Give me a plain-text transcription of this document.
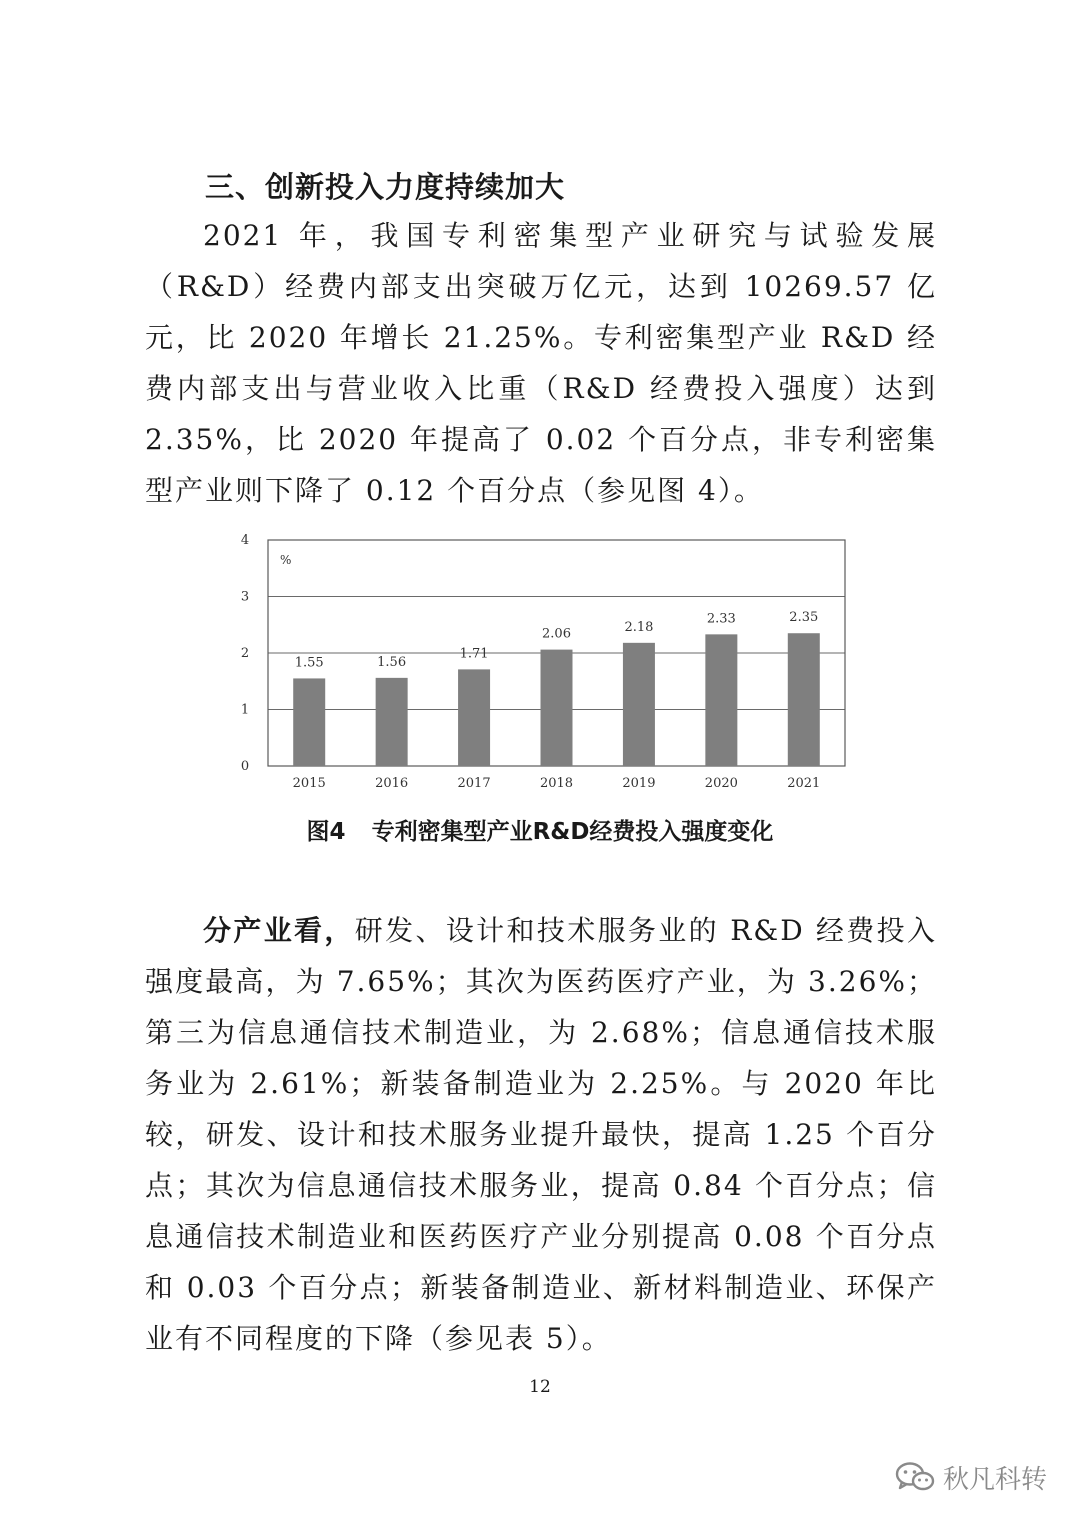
三、创新投入力度持续加大

2021 年，我国专利密集型产业研究与试验发展（R&D）经费内部支出突破万亿元，达到 10269.57 亿元，比 2020 年增长 21.25%。专利密集型产业 R&D 经费内部支出与营业收入比重（R&D 经费投入强度）达到 2.35%，比 2020 年提高了 0.02 个百分点，非专利密集型产业则下降了 0.12 个百分点（参见图 4）。

0
1
2
3
4
%
1.55	1.56
1.71
2.06	2.18
2.33	2.35
2015	2016	2017	2018	2019	2020	2021
图4 专利密集型产业R&D经费投入强度变化

分产业看，研发、设计和技术服务业的 R&D 经费投入强度最高，为 7.65%；其次为医药医疗产业，为 3.26%；第三为信息通信技术制造业，为 2.68%；信息通信技术服务业为 2.61%；新装备制造业为 2.25%。与 2020 年比较，研发、设计和技术服务业提升最快，提高 1.25 个百分点；其次为信息通信技术服务业，提高 0.84 个百分点；信息通信技术制造业和医药医疗产业分别提高 0.08 个百分点和 0.03 个百分点；新装备制造业、新材料制造业、环保产业有不同程度的下降（参见表 5）。

12
秋凡科转
